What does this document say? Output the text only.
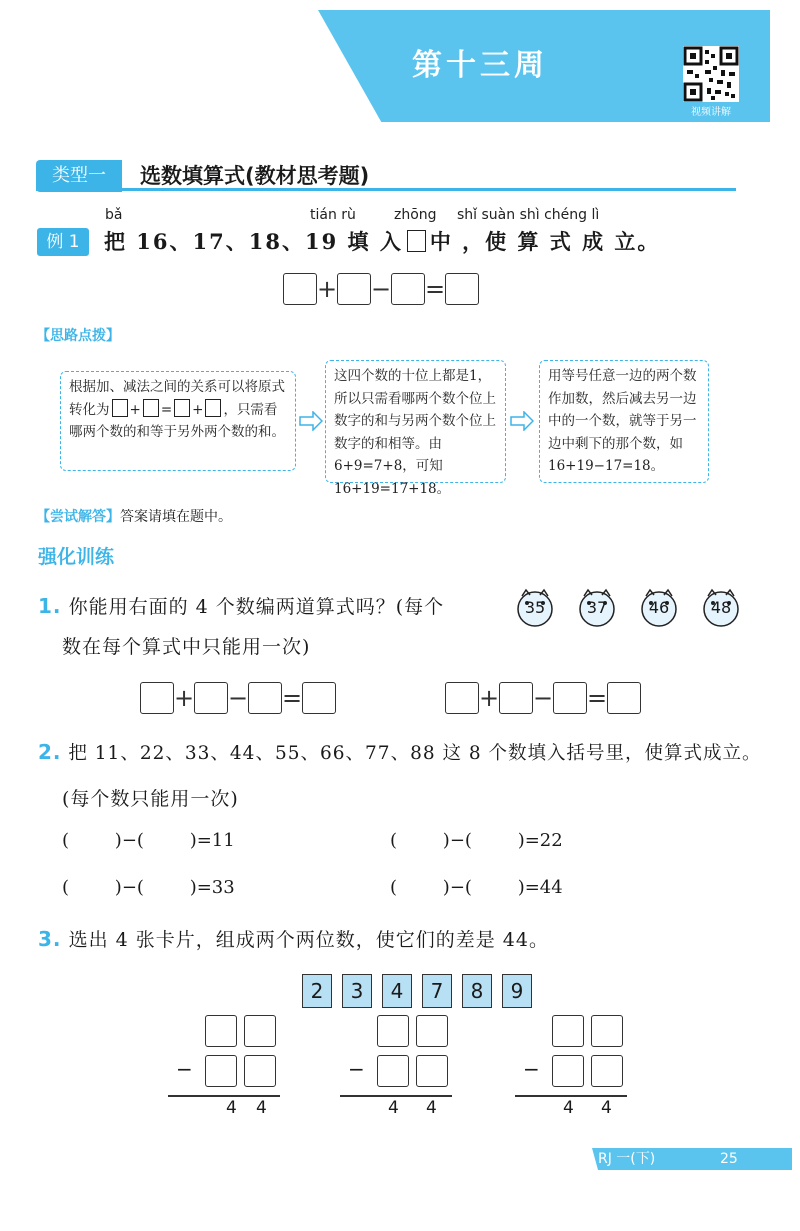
第十三周
视频讲解
类型一	选数填算式(教材思考题)
bǎ	tián rù	zhōng shǐ suàn shì chéng lì
例 1	把 16、17、18、19 填 入 中 ，使 算 式 成 立。
+ − =
【思路点拨】
根据加、减法之间的关系可以将原式转化为 + = + ，只需看哪两个数的和等于另外两个数的和。
这四个数的十位上都是1，所以只需看哪两个数个位上数字的和与另两个数个位上数字的和相等。由6+9=7+8，可知16+19=17+18。
用等号任意一边的两个数作加数，然后减去另一边中的一个数，就等于另一边中剩下的那个数，如16+19−17=18。
【尝试解答】答案请填在题中。
强化训练
1. 你能用右面的 4 个数编两道算式吗？(每个
数在每个算式中只能用一次)
35	37	46	48
+ − =	+ − =
2. 把 11、22、33、44、55、66、77、88 这 8 个数填入括号里，使算式成立。
(每个数只能用一次)
(        )−(        )=11	(        )−(        )=22
(        )−(        )=33	(        )−(        )=44
3. 选出 4 张卡片，组成两个两位数，使它们的差是 44。
2	3	4	7	8	9
−
4 4
−
4 4
−
4 4
RJ 一(下)	25
